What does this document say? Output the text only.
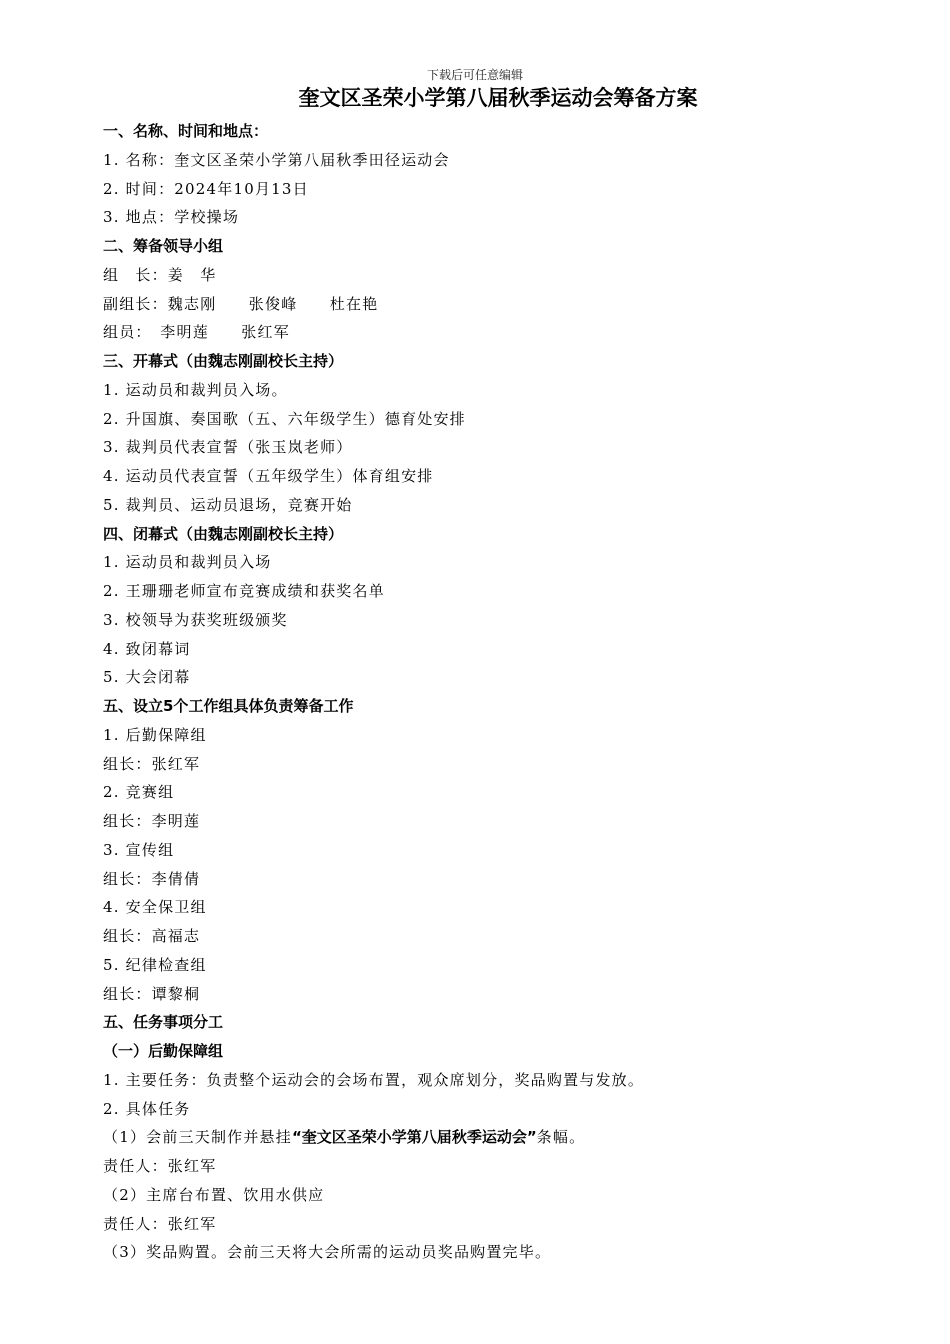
下载后可任意编辑
奎文区圣荣小学第八届秋季运动会筹备方案
一、名称、时间和地点：
1. 名称：奎文区圣荣小学第八届秋季田径运动会
2. 时间：2024年10月13日
3. 地点：学校操场
二、筹备领导小组
组　长：姜　华
副组长：魏志刚　　张俊峰　　杜在艳
组员：　李明莲　　张红军
三、开幕式（由魏志刚副校长主持）
1. 运动员和裁判员入场。
2. 升国旗、奏国歌（五、六年级学生）德育处安排
3. 裁判员代表宣誓（张玉岚老师）
4. 运动员代表宣誓（五年级学生）体育组安排
5. 裁判员、运动员退场，竞赛开始
四、闭幕式（由魏志刚副校长主持）
1. 运动员和裁判员入场
2. 王珊珊老师宣布竞赛成绩和获奖名单
3. 校领导为获奖班级颁奖
4. 致闭幕词
5. 大会闭幕
五、设立5个工作组具体负责筹备工作
1. 后勤保障组
组长：张红军
2. 竞赛组
组长：李明莲
3. 宣传组
组长：李倩倩
4. 安全保卫组
组长：高福志
5. 纪律检查组
组长：谭黎桐
五、任务事项分工
（一）后勤保障组
1. 主要任务：负责整个运动会的会场布置，观众席划分，奖品购置与发放。
2. 具体任务
（1）会前三天制作并悬挂“奎文区圣荣小学第八届秋季运动会”条幅。
责任人：张红军
（2）主席台布置、饮用水供应
责任人：张红军
（3）奖品购置。会前三天将大会所需的运动员奖品购置完毕。
